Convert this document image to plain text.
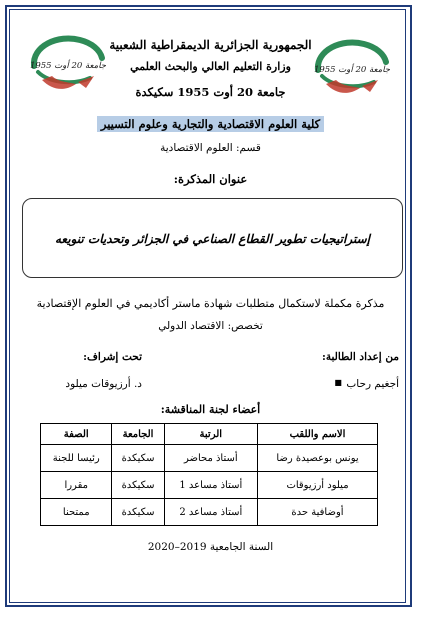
جامعة 20 أوت 1955	جامعة 20 أوت 1955
الجمهورية الجزائرية الديمقراطية الشعبية
وزارة التعليم العالي والبحث العلمي
جامعة 20 أوت 1955 سكيكدة
كلية العلوم الاقتصادية والتجارية وعلوم التسيير
قسم: العلوم الاقتصادية
عنوان المذكرة:
إستراتيجيات تطوير القطاع الصناعي في الجزائر وتحديات تنويعه
مذكرة مكملة لاستكمال متطلبات شهادة ماستر أكاديمي في العلوم الإقتصادية
تخصص: الاقتصاد الدولي
من إعداد الطالبة:
تحت إشراف:
■ أجغيم رحاب
د. أرزيوقات ميلود
أعضاء لجنة المناقشة:
الاسم واللقب	الرتبة	الجامعة	الصفة
يونس بوعصيدة رضا	أستاذ محاضر	سكيكدة	رئيسا للجنة
ميلود أرزيوقات	أستاذ مساعد 1	سكيكدة	مقررا
أوضافية حدة	أستاذ مساعد 2	سكيكدة	ممتحنا
السنة الجامعية 2019–2020
